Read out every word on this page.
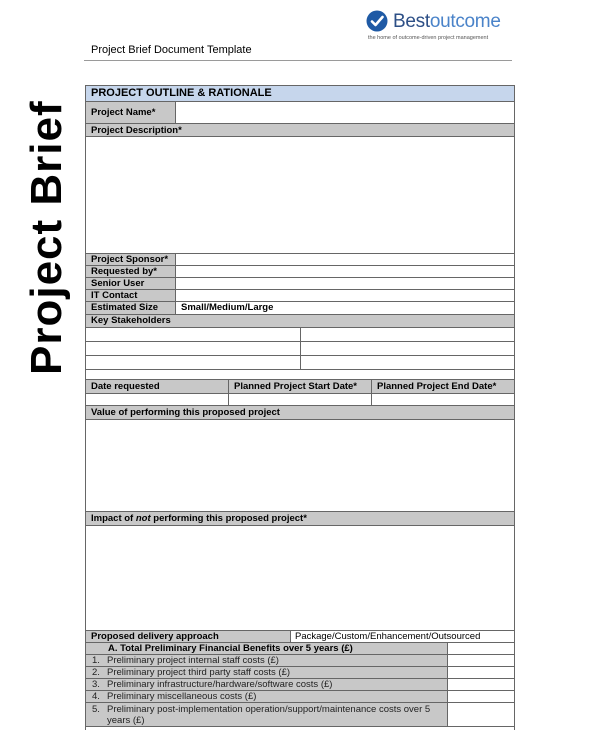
Bestoutcome
the home of outcome-driven project management
Project Brief Document Template
Project Brief
PROJECT OUTLINE & RATIONALE
Project Name*
Project Description*
Project Sponsor*
Requested by*
Senior User
IT Contact
Estimated Size Small/Medium/Large
Key Stakeholders
Date requested	Planned Project Start Date* Planned Project End Date*
Value of performing this proposed project
Impact of not performing this proposed project*
Proposed delivery approach	Package/Custom/Enhancement/Outsourced
A. Total Preliminary Financial Benefits over 5 years (£)
1. Preliminary project internal staff costs (£)
2. Preliminary project third party staff costs (£)
3. Preliminary infrastructure/hardware/software costs (£)
4. Preliminary miscellaneous costs (£)
5. Preliminary post-implementation operation/support/maintenance costs over 5 years (£)
